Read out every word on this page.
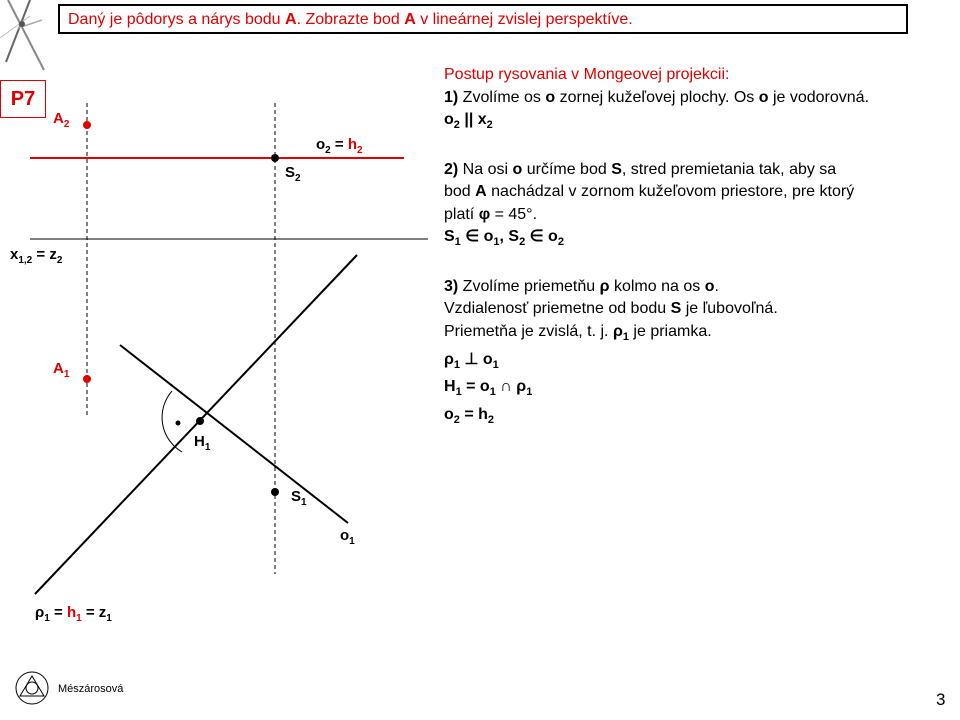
Daný je pôdorys a nárys bodu A. Zobrazte bod A v lineárnej zvislej perspektíve.
P7
$A_2$
$o_2 = h_2$
$S_2$
$x_{1,2} = z_2$
$A_1$
$H_1$
$S_1$
$o_1$
$\rho_1 = h_1 = z_1$

Postup rysovania v Mongeovej projekcii:

1) Zvolíme os o zornej kužeľovej plochy. Os o je vodorovná.

$o_2$ || $x_2$

2) Na osi o určíme bod S, stred premietania tak, aby sa

bod A nachádzal v zornom kužeľovom priestore, pre ktorý

platí φ = 45°.

$S_1$ ∈ $o_1$, $S_2$ ∈ $o_2$

3) Zvolíme priemetňu ρ kolmo na os o.

Vzdialenosť priemetne od bodu S je ľubovoľná.

Priemetňa je zvislá, t. j. $\rho_1$ je priamka.

$\rho_1$ ⊥ $o_1$

$H_1 = o_1$ ∩ $\rho_1$

$o_2 = h_2$

Mészárosová
3
